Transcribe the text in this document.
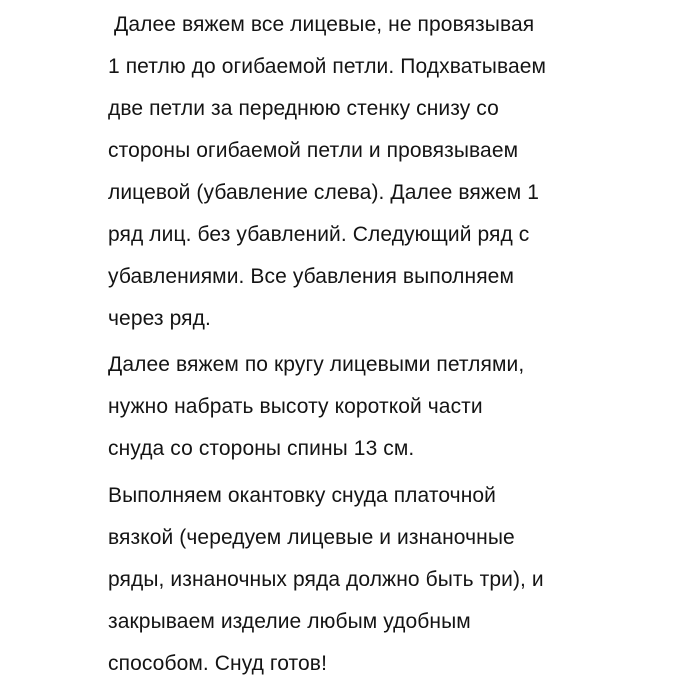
Далее вяжем все лицевые, не провязывая
1 петлю до огибаемой петли. Подхватываем
две петли за переднюю стенку снизу со
стороны огибаемой петли и провязываем
лицевой (убавление слева). Далее вяжем 1
ряд лиц. без убавлений. Следующий ряд с
убавлениями. Все убавления выполняем
через ряд.
Далее вяжем по кругу лицевыми петлями,
нужно набрать высоту короткой части
снуда со стороны спины 13 см.
Выполняем окантовку снуда платочной
вязкой (чередуем лицевые и изнаночные
ряды, изнаночных ряда должно быть три), и
закрываем изделие любым удобным
способом. Снуд готов!
